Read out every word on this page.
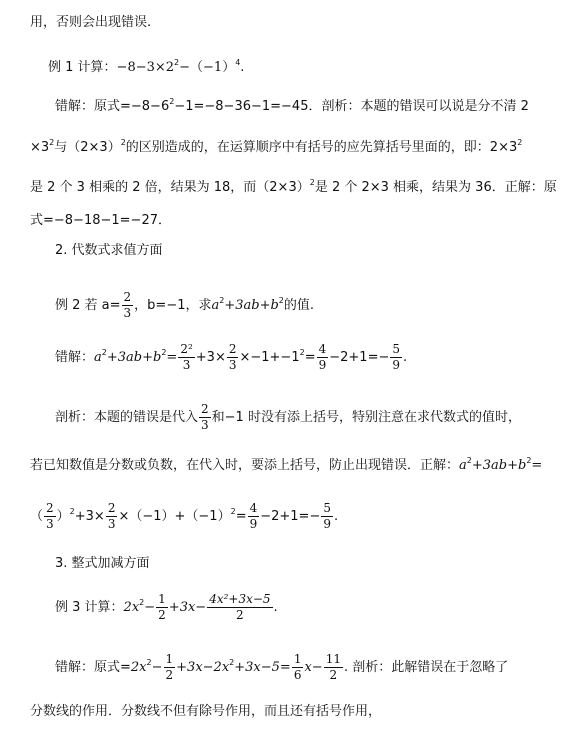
用，否则会出现错误.
例 1 计算：$-8-3\times 2^2-(-1)^4$.
错解：原式$=-8-6^2-1=-8-36-1=-45$．剖析：本题的错误可以说是分不清 2
$\times 3^2$与$(2\times 3)^2$的区别造成的，在运算顺序中有括号的应先算括号里面的，即：$2\times 3^2$
是 2 个 3 相乘的 2 倍，结果为 18，而$(2\times 3)^2$是 2 个 2×3 相乘，结果为 36．正解：原
式=−8−18−1=−27．
2. 代数式求值方面
例 2 若 $a= \frac{2}{3}$ ，b=−1，求$a^2+3ab+b^2$的值.
错解：$a^2+3ab+b^2= \frac{\text{2²}}{3} +3\times \frac{2}{3} \times-1+-1^2= \frac{4}{9} -2+1=- \frac{5}{9}$ .
剖析：本题的错误是代入 $\frac{2}{3}$ 和−1 时没有添上括号，特别注意在求代数式的值时，
若已知数值是分数或负数，在代入时，要添上括号，防止出现错误．正解：$a^2+3ab+b^2=$
（ $\frac{2}{3} )^2+3\times \frac{2}{3} \times(-1)+(-1)^2= \frac{4}{9} -2+1=- \frac{5}{9}$ .
3. 整式加减方面
例 3 计算：$2x^2- \frac{1}{2} +3x- \frac{\text{4x²+3x−5}}{2}$ .
错解：原式$=2x^2- \frac{1}{2} +3x-2x^2+3x-5= \frac{1}{6} x- \frac{11}{2}$ . 剖析：此解错误在于忽略了
分数线的作用．分数线不但有除号作用，而且还有括号作用，
